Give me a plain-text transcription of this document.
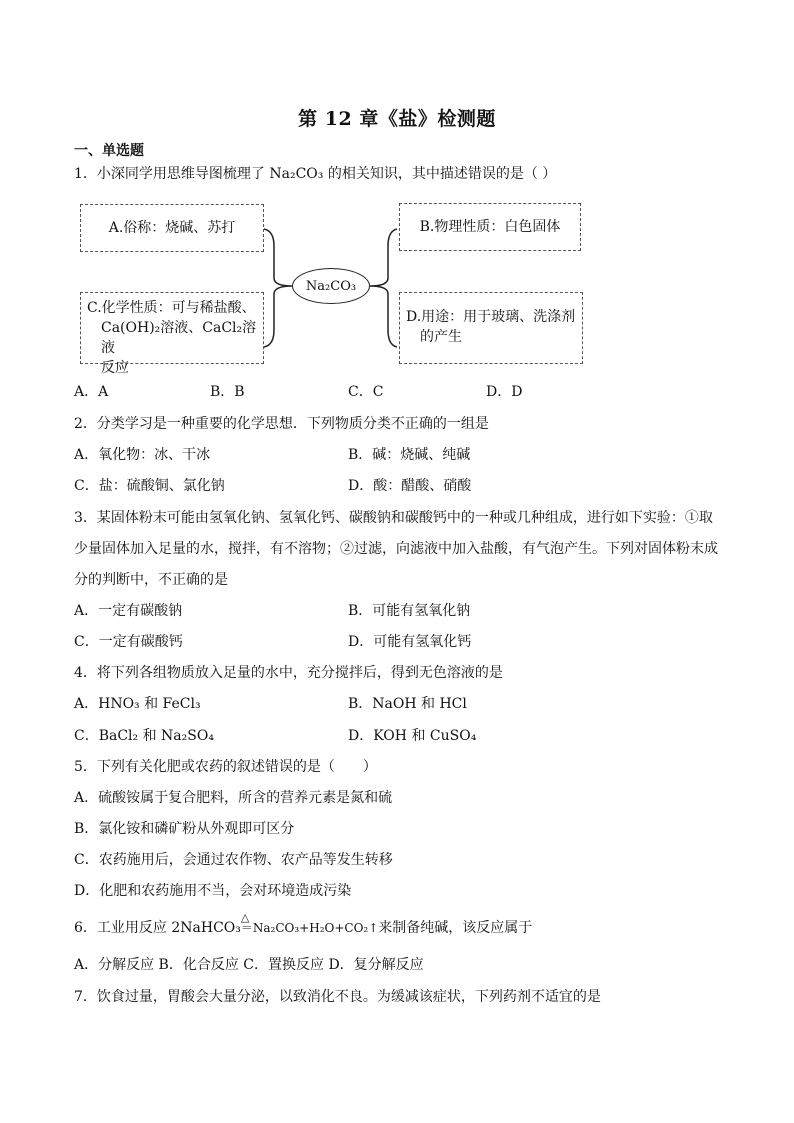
第 12 章《盐》检测题
一、单选题
1．小深同学用思维导图梳理了 Na₂CO₃ 的相关知识，其中描述错误的是（ ）
A.俗称：烧碱、苏打	B.物理性质：白色固体
C.化学性质：可与稀盐酸、
Ca(OH)₂溶液、CaCl₂溶液
反应
D.用途：用于玻璃、洗涤剂
的产生
Na₂CO₃
A．A	B．B	C．C	D．D
2．分类学习是一种重要的化学思想．下列物质分类不正确的一组是
A．氧化物：冰、干冰	B．碱：烧碱、纯碱
C．盐：硫酸铜、氯化钠	D．酸：醋酸、硝酸
3．某固体粉末可能由氢氧化钠、氢氧化钙、碳酸钠和碳酸钙中的一种或几种组成，进行如下实验：①取
少量固体加入足量的水，搅拌，有不溶物；②过滤，向滤液中加入盐酸，有气泡产生。下列对固体粉末成
分的判断中，不正确的是
A．一定有碳酸钠	B．可能有氢氧化钠
C．一定有碳酸钙	D．可能有氢氧化钙
4．将下列各组物质放入足量的水中，充分搅拌后，得到无色溶液的是
A．HNO₃ 和 FeCl₃	B．NaOH 和 HCl
C．BaCl₂ 和 Na₂SO₄	D．KOH 和 CuSO₄
5．下列有关化肥或农药的叙述错误的是（　　）
A．硫酸铵属于复合肥料，所含的营养元素是氮和硫
B．氯化铵和磷矿粉从外观即可区分
C．农药施用后，会通过农作物、农产品等发生转移
D．化肥和农药施用不当，会对环境造成污染
6．工业用反应 2NaHCO₃
△
＝Na₂CO₃+H₂O+CO₂↑来制备纯碱，该反应属于
A．分解反应 B．化合反应 C．置换反应 D．复分解反应
7．饮食过量，胃酸会大量分泌，以致消化不良。为缓减该症状，下列药剂不适宜的是
